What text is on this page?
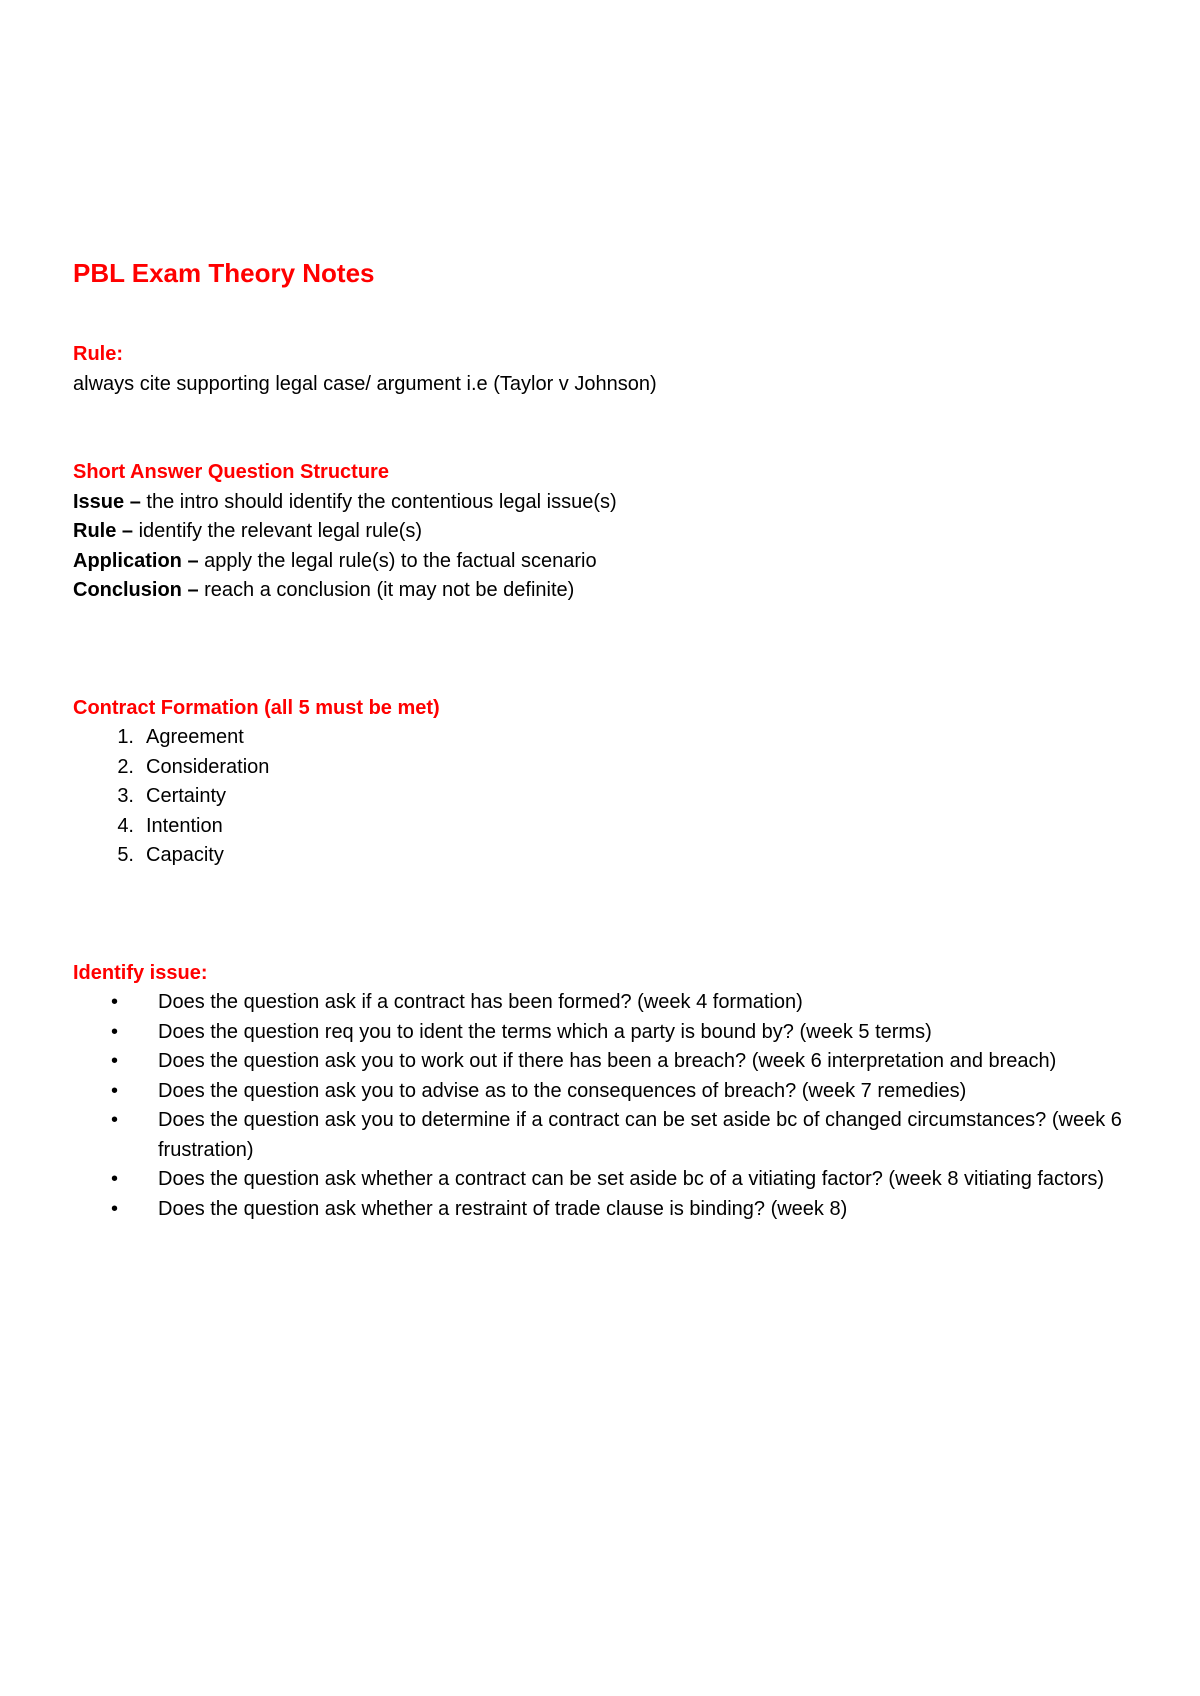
PBL Exam Theory Notes

Rule:

always cite supporting legal case/ argument i.e (Taylor v Johnson)

Short Answer Question Structure

Issue – the intro should identify the contentious legal issue(s)

Rule – identify the relevant legal rule(s)

Application – apply the legal rule(s) to the factual scenario

Conclusion – reach a conclusion (it may not be definite)

Contract Formation (all 5 must be met)

1. Agreement
2. Consideration
3. Certainty
4. Intention
5. Capacity

Identify issue:

•	Does the question ask if a contract has been formed? (week 4 formation)
•	Does the question req you to ident the terms which a party is bound by? (week 5 terms)
•	Does the question ask you to work out if there has been a breach? (week 6 interpretation and breach)
•	Does the question ask you to advise as to the consequences of breach? (week 7 remedies)
•	Does the question ask you to determine if a contract can be set aside bc of changed circumstances? (week 6 frustration)
•	Does the question ask whether a contract can be set aside bc of a vitiating factor? (week 8 vitiating factors)
•	Does the question ask whether a restraint of trade clause is binding? (week 8)
